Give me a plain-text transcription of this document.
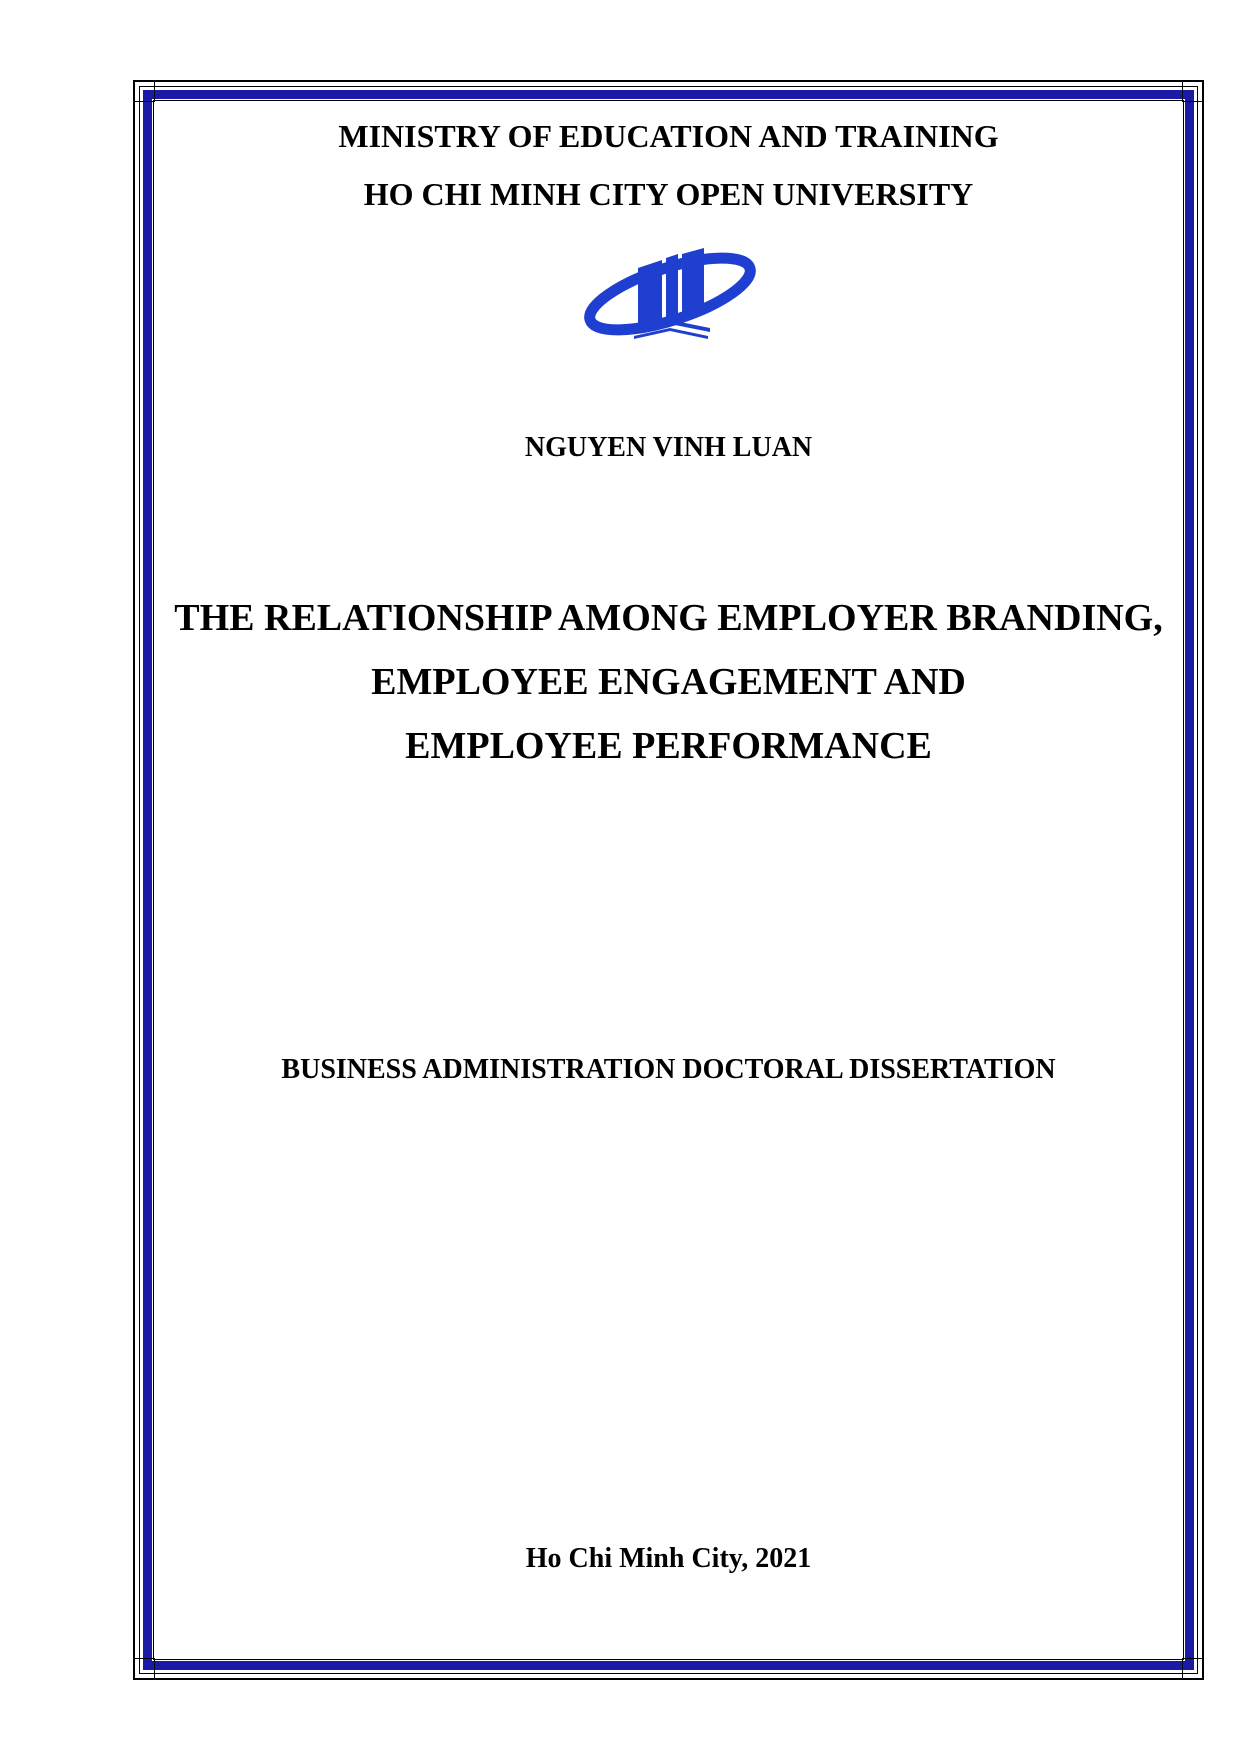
MINISTRY OF EDUCATION AND TRAINING
HO CHI MINH CITY OPEN UNIVERSITY
NGUYEN VINH LUAN
THE RELATIONSHIP AMONG EMPLOYER BRANDING,
EMPLOYEE ENGAGEMENT AND
EMPLOYEE PERFORMANCE
BUSINESS ADMINISTRATION DOCTORAL DISSERTATION
Ho Chi Minh City, 2021
